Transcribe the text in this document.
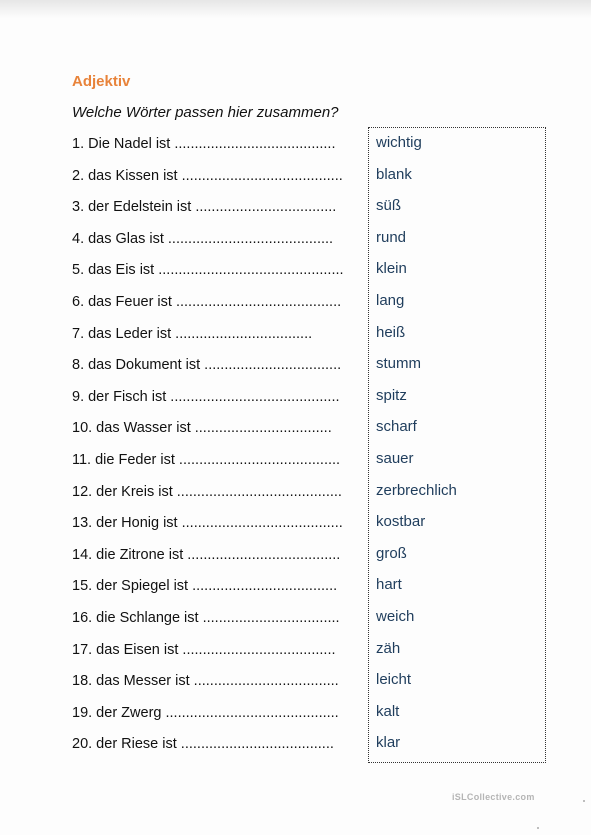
Adjektiv
Welche Wörter passen hier zusammen?
1. Die Nadel ist ........................................
2. das Kissen ist ........................................
3. der Edelstein ist ...................................
4. das Glas ist .........................................
5. das Eis ist ..............................................
6. das Feuer ist .........................................
7. das Leder ist ..................................
8. das Dokument ist ..................................
9. der Fisch ist ..........................................
10. das Wasser ist ..................................
11. die Feder ist ........................................
12. der Kreis ist .........................................
13. der Honig ist ........................................
14. die Zitrone ist ......................................
15. der Spiegel ist ....................................
16. die Schlange ist ..................................
17. das Eisen ist ......................................
18. das Messer ist ....................................
19. der Zwerg ...........................................
20. der Riese ist ......................................
wichtig
blank
süß
rund
klein
lang
heiß
stumm
spitz
scharf
sauer
zerbrechlich
kostbar
groß
hart
weich
zäh
leicht
kalt
klar
iSLCollective.com
